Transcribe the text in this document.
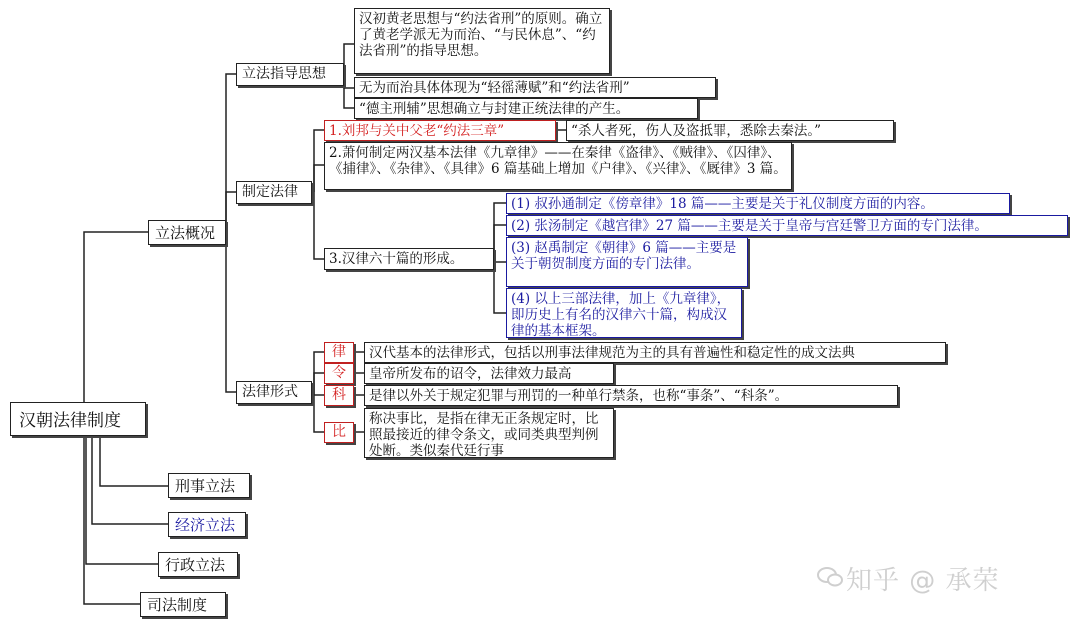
汉朝法律制度
立法概况
刑事立法
经济立法
行政立法
司法制度
立法指导思想
制定法律
法律形式
汉初黄老思想与“约法省刑”的原则。确立了黄老学派无为而治、“与民休息”、“约法省刑”的指导思想。
无为而治具体体现为“轻徭薄赋”和“约法省刑”
“德主刑辅”思想确立与封建正统法律的产生。
1.刘邦与关中父老“约法三章”	“杀人者死，伤人及盗抵罪，悉除去秦法。”
2.萧何制定两汉基本法律《九章律》——在秦律《盗律》、《贼律》、《囚律》、《捕律》、《杂律》、《具律》6 篇基础上增加《户律》、《兴律》、《厩律》3 篇。
3.汉律六十篇的形成。
(1) 叔孙通制定《傍章律》18 篇——主要是关于礼仪制度方面的内容。
(2) 张汤制定《越宫律》27 篇——主要是关于皇帝与宫廷警卫方面的专门法律。
(3) 赵禹制定《朝律》6 篇——主要是关于朝贺制度方面的专门法律。
(4) 以上三部法律，加上《九章律》，即历史上有名的汉律六十篇，构成汉律的基本框架。
律
令
科
比
汉代基本的法律形式，包括以刑事法律规范为主的具有普遍性和稳定性的成文法典
皇帝所发布的诏令，法律效力最高
是律以外关于规定犯罪与刑罚的一种单行禁条，也称“事条”、“科条”。
称决事比，是指在律无正条规定时，比照最接近的律令条文，或同类典型判例处断。类似秦代廷行事
知乎 @ 承荣
